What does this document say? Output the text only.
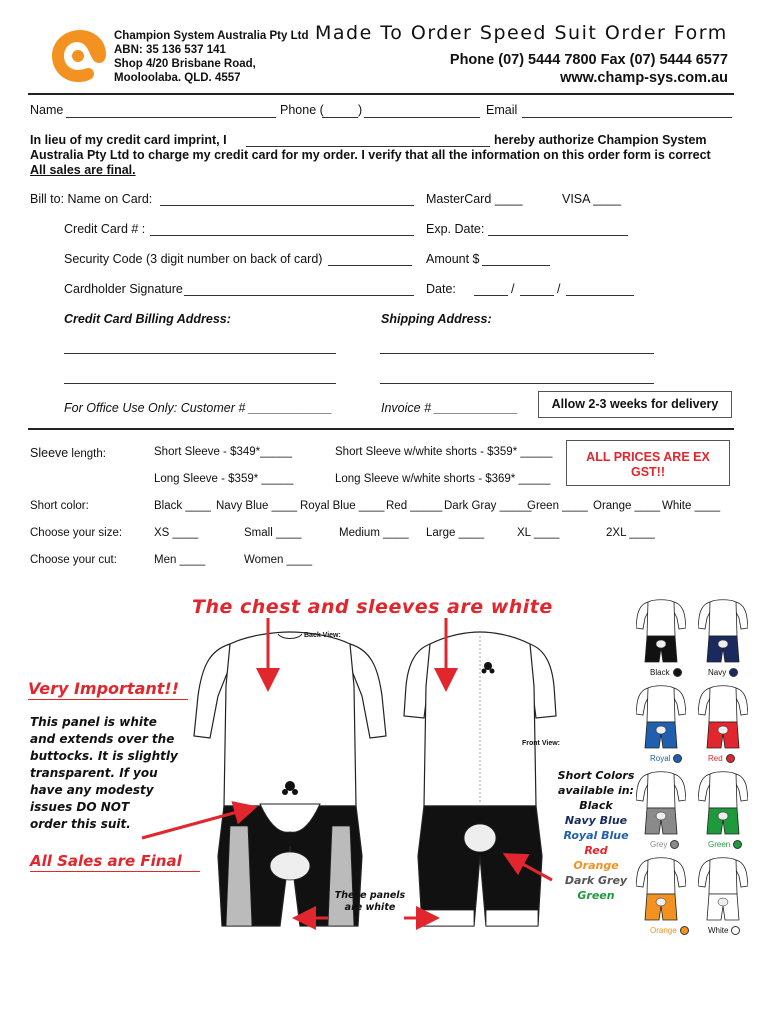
Champion System Australia Pty Ltd
ABN: 35 136 537 141
Shop 4/20 Brisbane Road,
Mooloolaba. QLD. 4557
Made To Order Speed Suit Order Form
Phone (07) 5444 7800 Fax (07) 5444 6577
www.champ-sys.com.au
Name	Phone (	)	Email
In lieu of my credit card imprint, I	hereby authorize Champion System
Australia Pty Ltd to charge my credit card for my order. I verify that all the information on this order form is correct
All sales are final.
Bill to: Name on Card:	MasterCard ____	VISA ____
Credit Card # :	Exp. Date:
Security Code (3 digit number on back of card)	Amount $
Cardholder Signature	Date:	/	/
Credit Card Billing Address:	Shipping Address:
For Office Use Only: Customer # ____________	Invoice # ____________	Allow 2-3 weeks for delivery
Sleeve length:	Short Sleeve - $349*_____	Short Sleeve w/white shorts - $359* _____
Long Sleeve - $359* _____	Long Sleeve w/white shorts - $369* _____
ALL PRICES ARE EX GST!!
Short color:	Black ____ Navy Blue ____ Royal Blue ____ Red _____ Dark Gray _____
Green ____ Orange ____ White ____
Choose your size:	XS ____	Small ____	Medium ____ Large ____	XL ____	2XL ____
Choose your cut:	Men ____	Women ____
The chest and sleeves are white
Back View:
Front View:
Very Important!!
This panel is white
and extends over the
buttocks. It is slightly
transparent. If you
have any modesty
issues DO NOT
order this suit.
All Sales are Final
These panels
are white
Short Colors
available in:
Black
Navy Blue
Royal Blue
Red
Orange
Dark Grey
Green
Black	Navy
Royal	Red
Grey	Green
Orange	White
